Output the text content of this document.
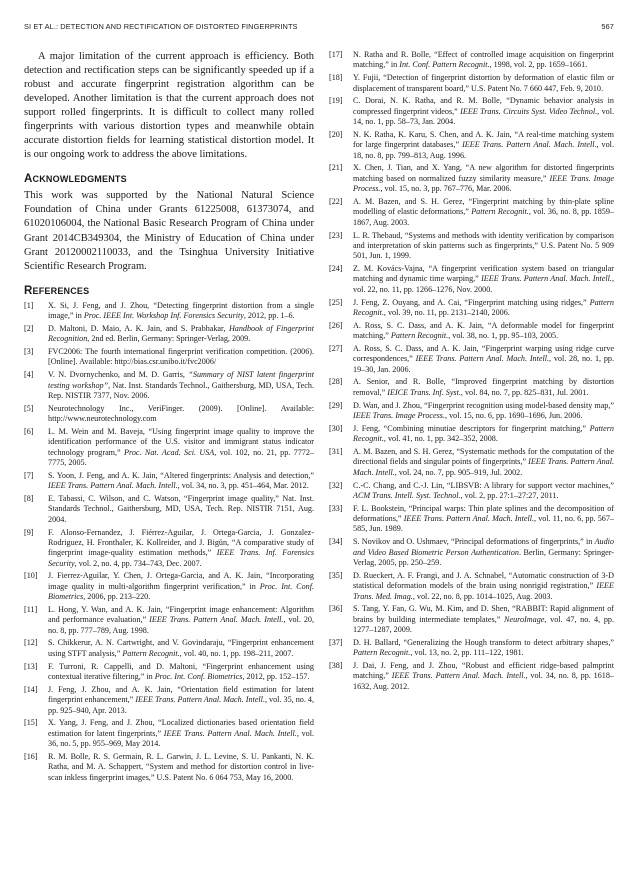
SI ET AL.: DETECTION AND RECTIFICATION OF DISTORTED FINGERPRINTS	567

A major limitation of the current approach is efficiency. Both detection and rectification steps can be significantly speeded up if a robust and accurate fingerprint registration algorithm can be developed. Another limitation is that the current approach does not support rolled fingerprints. It is difficult to collect many rolled fingerprints with various distortion types and meanwhile obtain accurate distortion fields for learning statistical distortion model. It is our ongoing work to address the above limitations.

ACKNOWLEDGMENTS

This work was supported by the National Natural Science Foundation of China under Grants 61225008, 61373074, and 61020106004, the National Basic Research Program of China under Grant 2014CB349304, the Ministry of Education of China under Grant 20120002110033, and the Tsinghua University Initiative Scientific Research Program.

REFERENCES
[1] X. Si, J. Feng, and J. Zhou, “Detecting fingerprint distortion from a single image,” in Proc. IEEE Int. Workshop Inf. Forensics Security, 2012, pp. 1–6.
[2] D. Maltoni, D. Maio, A. K. Jain, and S. Prabhakar, Handbook of Fingerprint Recognition, 2nd ed. Berlin, Germany: Springer-Verlag, 2009.
[3] FVC2006: The fourth international fingerprint verification competition. (2006). [Online]. Available: http://bias.csr.unibo.it/fvc2006/
[4] V. N. Dvornychenko, and M. D. Garris, “Summary of NIST latent fingerprint testing workshop”, Nat. Inst. Standards Technol., Gaithersburg, MD, USA, Tech. Rep. NISTIR 7377, Nov. 2006.
[5] Neurotechnology Inc., VeriFinger. (2009). [Online]. Available: http://www.neurotechnology.com
[6] L. M. Wein and M. Baveja, “Using fingerprint image quality to improve the identification performance of the U.S. visitor and immigrant status indicator technology program,” Proc. Nat. Acad. Sci. USA, vol. 102, no. 21, pp. 7772–7775, 2005.
[7] S. Yoon, J. Feng, and A. K. Jain, “Altered fingerprints: Analysis and detection,” IEEE Trans. Pattern Anal. Mach. Intell., vol. 34, no. 3, pp. 451–464, Mar. 2012.
[8] E. Tabassi, C. Wilson, and C. Watson, “Fingerprint image quality,” Nat. Inst. Standards Technol., Gaithersburg, MD, USA, Tech. Rep. NISTIR 7151, Aug. 2004.
[9] F. Alonso-Fernandez, J. Fiérrez-Aguilar, J. Ortega-Garcia, J. Gonzalez-Rodriguez, H. Fronthaler, K. Kollreider, and J. Bigün, “A comparative study of fingerprint image-quality estimation methods,” IEEE Trans. Inf. Forensics Security, vol. 2, no. 4, pp. 734–743, Dec. 2007.
[10] J. Fierrez-Aguilar, Y. Chen, J. Ortega-Garcia, and A. K. Jain, “Incorporating image quality in multi-algorithm fingerprint verification,” in Proc. Int. Conf. Biometrics, 2006, pp. 213–220.
[11] L. Hong, Y. Wan, and A. K. Jain, “Fingerprint image enhancement: Algorithm and performance evaluation,” IEEE Trans. Pattern Anal. Mach. Intell., vol. 20, no. 8, pp. 777–789, Aug. 1998.
[12] S. Chikkerur, A. N. Cartwright, and V. Govindaraju, “Fingerprint enhancement using STFT analysis,” Pattern Recognit., vol. 40, no. 1, pp. 198–211, 2007.
[13] F. Turroni, R. Cappelli, and D. Maltoni, “Fingerprint enhancement using contextual iterative filtering,” in Proc. Int. Conf. Biometrics, 2012, pp. 152–157.
[14] J. Feng, J. Zhou, and A. K. Jain, “Orientation field estimation for latent fingerprint enhancement,” IEEE Trans. Pattern Anal. Mach. Intell., vol. 35, no. 4, pp. 925–940, Apr. 2013.
[15] X. Yang, J. Feng, and J. Zhou, “Localized dictionaries based orientation field estimation for latent fingerprints,” IEEE Trans. Pattern Anal. Mach. Intell., vol. 36, no. 5, pp. 955–969, May 2014.
[16] R. M. Bolle, R. S. Germain, R. L. Garwin, J. L. Levine, S. U. Pankanti, N. K. Ratha, and M. A. Schappert, “System and method for distortion control in live-scan inkless fingerprint images,” U.S. Patent No. 6 064 753, May 16, 2000.
[17] N. Ratha and R. Bolle, “Effect of controlled image acquisition on fingerprint matching,” in Int. Conf. Pattern Recognit., 1998, vol. 2, pp. 1659–1661.
[18] Y. Fujii, “Detection of fingerprint distortion by deformation of elastic film or displacement of transparent board,” U.S. Patent No. 7 660 447, Feb. 9, 2010.
[19] C. Dorai, N. K. Ratha, and R. M. Bolle, “Dynamic behavior analysis in compressed fingerprint videos,” IEEE Trans. Circuits Syst. Video Technol., vol. 14, no. 1, pp. 58–73, Jan. 2004.
[20] N. K. Ratha, K. Karu, S. Chen, and A. K. Jain, “A real-time matching system for large fingerprint databases,” IEEE Trans. Pattern Anal. Mach. Intell., vol. 18, no. 8, pp. 799–813, Aug. 1996.
[21] X. Chen, J. Tian, and X. Yang, “A new algorithm for distorted fingerprints matching based on normalized fuzzy similarity measure,” IEEE Trans. Image Process., vol. 15, no. 3, pp. 767–776, Mar. 2006.
[22] A. M. Bazen, and S. H. Gerez, “Fingerprint matching by thin-plate spline modelling of elastic deformations,” Pattern Recognit., vol. 36, no. 8, pp. 1859–1867, Aug. 2003.
[23] L. R. Thebaud, “Systems and methods with identity verification by comparison and interpretation of skin patterns such as fingerprints,” U.S. Patent No. 5 909 501, Jun. 1, 1999.
[24] Z. M. Kovács-Vajna, “A fingerprint verification system based on triangular matching and dynamic time warping,” IEEE Trans. Pattern Anal. Mach. Intell., vol. 22, no. 11, pp. 1266–1276, Nov. 2000.
[25] J. Feng, Z. Ouyang, and A. Cai, “Fingerprint matching using ridges,” Pattern Recognit., vol. 39, no. 11, pp. 2131–2140, 2006.
[26] A. Ross, S. C. Dass, and A. K. Jain, “A deformable model for fingerprint matching,” Pattern Recognit., vol. 38, no. 1, pp. 95–103, 2005.
[27] A. Ross, S. C. Dass, and A. K. Jain, “Fingerprint warping using ridge curve correspondences,” IEEE Trans. Pattern Anal. Mach. Intell., vol. 28, no. 1, pp. 19–30, Jan. 2006.
[28] A. Senior, and R. Bolle, “Improved fingerprint matching by distortion removal,” IEICE Trans. Inf. Syst., vol. 84, no. 7, pp. 825–831, Jul. 2001.
[29] D. Wan, and J. Zhou, “Fingerprint recognition using model-based density map,” IEEE Trans. Image Process., vol. 15, no. 6, pp. 1690–1696, Jun. 2006.
[30] J. Feng, “Combining minutiae descriptors for fingerprint matching,” Pattern Recognit., vol. 41, no. 1, pp. 342–352, 2008.
[31] A. M. Bazen, and S. H. Gerez, “Systematic methods for the computation of the directional fields and singular points of fingerprints,” IEEE Trans. Pattern Anal. Mach. Intell., vol. 24, no. 7, pp. 905–919, Jul. 2002.
[32] C.-C. Chang, and C.-J. Lin, “LIBSVB: A library for support vector machines,” ACM Trans. Intell. Syst. Technol., vol. 2, pp. 27:1–27:27, 2011.
[33] F. L. Bookstein, “Principal warps: Thin plate splines and the decomposition of deformations,” IEEE Trans. Pattern Anal. Mach. Intell., vol. 11, no. 6, pp. 567–585, Jun. 1989.
[34] S. Novikov and O. Ushmaev, “Principal deformations of fingerprints,” in Audio and Video Based Biometric Person Authentication. Berlin, Germany: Springer-Verlag, 2005, pp. 250–259.
[35] D. Rueckert, A. F. Frangi, and J. A. Schnabel, “Automatic construction of 3-D statistical deformation models of the brain using nonrigid registration,” IEEE Trans. Med. Imag., vol. 22, no. 8, pp. 1014–1025, Aug. 2003.
[36] S. Tang, Y. Fan, G. Wu, M. Kim, and D. Shen, “RABBIT: Rapid alignment of brains by building intermediate templates,” NeuroImage, vol. 47, no. 4, pp. 1277–1287, 2009.
[37] D. H. Ballard, “Generalizing the Hough transform to detect arbitrary shapes,” Pattern Recognit., vol. 13, no. 2, pp. 111–122, 1981.
[38] J. Dai, J. Feng, and J. Zhou, “Robust and efficient ridge-based palmprint matching,” IEEE Trans. Pattern Anal. Mach. Intell., vol. 34, no. 8, pp. 1618–1632, Aug. 2012.
